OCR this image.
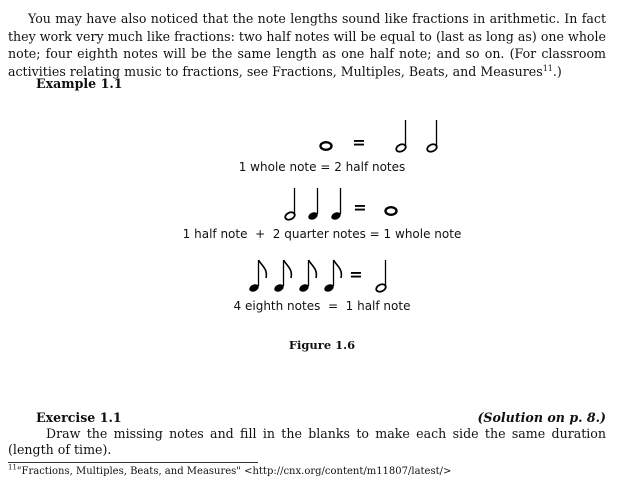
You may have also noticed that the note lengths sound like fractions in arithmetic. In fact they work very much like fractions: two half notes will be equal to (last as long as) one whole note; four eighth notes will be the same length as one half note; and so on. (For classroom activities relating music to fractions, see Fractions, Multiples, Beats, and Measures$^{11}$.)
Example 1.1
=
=
=
1 whole note = 2 half notes
1 half note  +  2 quarter notes = 1 whole note
4 eighth notes  =  1 half note
Figure 1.6
Exercise 1.1	(Solution on p. 8.)
Draw the missing notes and fill in the blanks to make each side the same duration (length of time).
$^{11}$"Fractions, Multiples, Beats, and Measures" <http://cnx.org/content/m11807/latest/>
